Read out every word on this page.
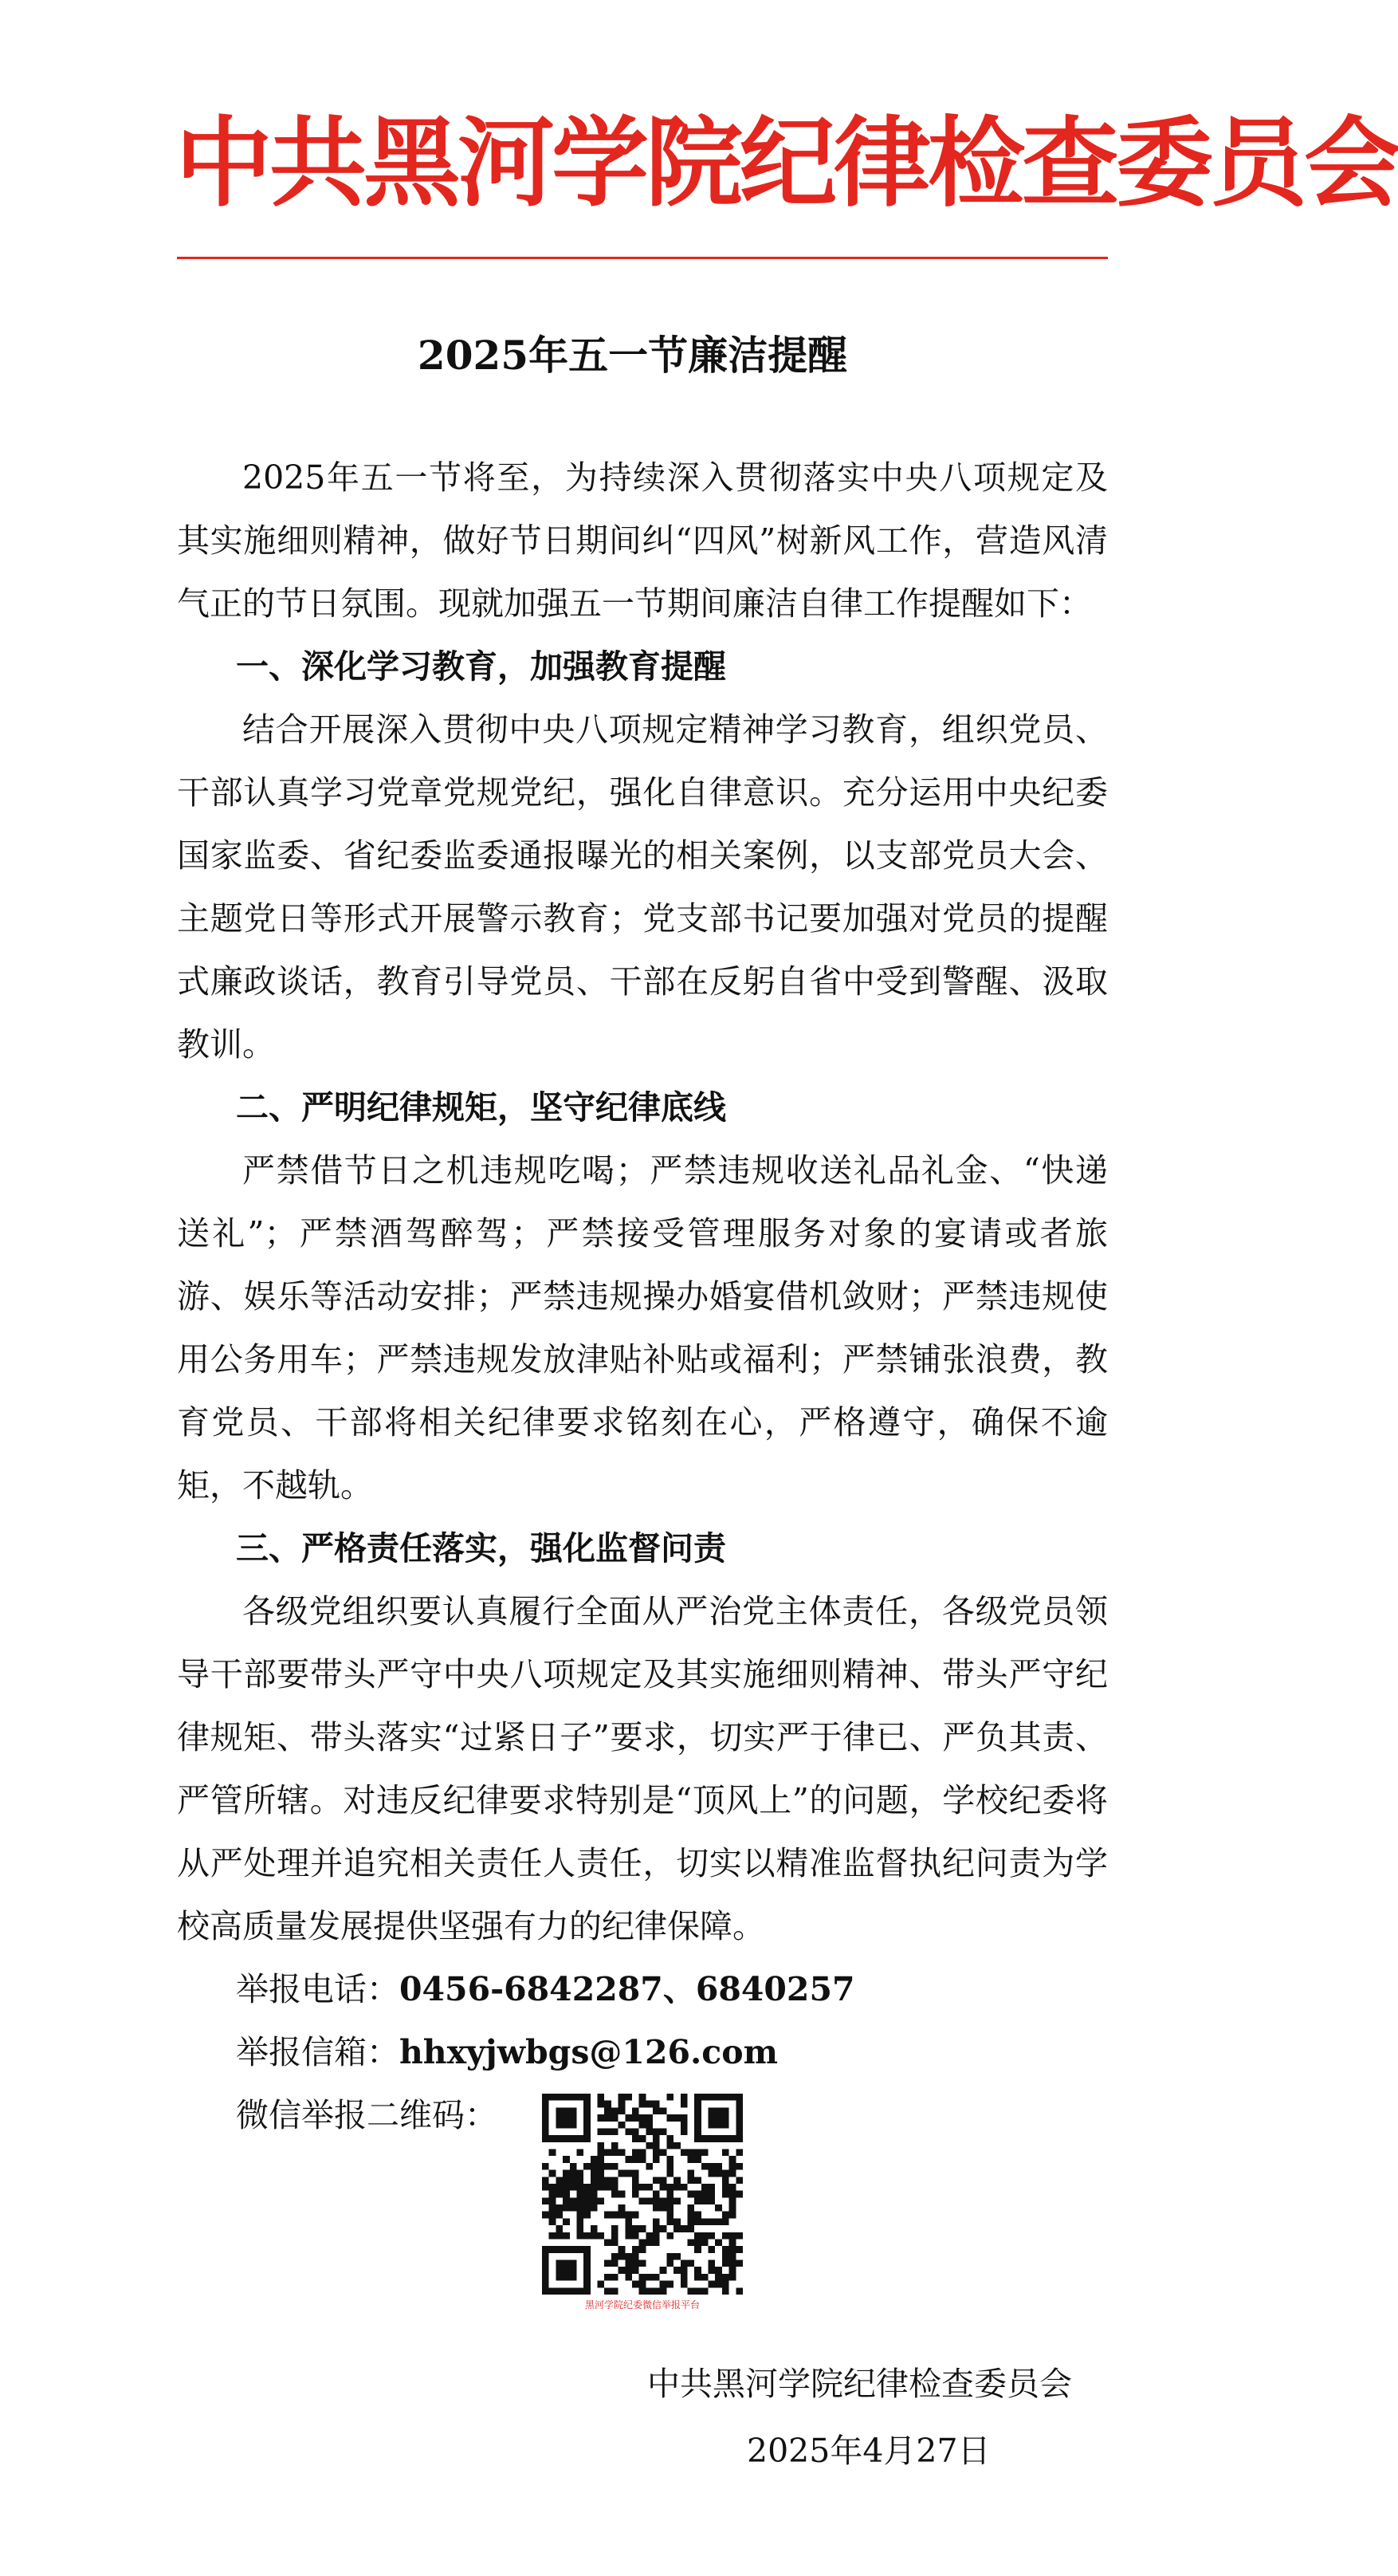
中共黑河学院纪律检查委员会
2025年五一节廉洁提醒

2025年五一节将至，为持续深入贯彻落实中央八项规定及其实施细则精神，做好节日期间纠“四风”树新风工作，营造风清气正的节日氛围。现就加强五一节期间廉洁自律工作提醒如下：

一、深化学习教育，加强教育提醒

结合开展深入贯彻中央八项规定精神学习教育，组织党员、干部认真学习党章党规党纪，强化自律意识。充分运用中央纪委国家监委、省纪委监委通报曝光的相关案例，以支部党员大会、主题党日等形式开展警示教育；党支部书记要加强对党员的提醒式廉政谈话，教育引导党员、干部在反躬自省中受到警醒、汲取教训。

二、严明纪律规矩，坚守纪律底线

严禁借节日之机违规吃喝；严禁违规收送礼品礼金、“快递送礼”；严禁酒驾醉驾；严禁接受管理服务对象的宴请或者旅游、娱乐等活动安排；严禁违规操办婚宴借机敛财；严禁违规使用公务用车；严禁违规发放津贴补贴或福利；严禁铺张浪费，教育党员、干部将相关纪律要求铭刻在心，严格遵守，确保不逾矩，不越轨。

三、严格责任落实，强化监督问责

各级党组织要认真履行全面从严治党主体责任，各级党员领导干部要带头严守中央八项规定及其实施细则精神、带头严守纪律规矩、带头落实“过紧日子”要求，切实严于律已、严负其责、严管所辖。对违反纪律要求特别是“顶风上”的问题，学校纪委将从严处理并追究相关责任人责任，切实以精准监督执纪问责为学校高质量发展提供坚强有力的纪律保障。

举报电话：0456-6842287、6840257

举报信箱：hhxyjwbgs@126.com

微信举报二维码：

黑河学院纪委微信举报平台
中共黑河学院纪律检查委员会
2025年4月27日
